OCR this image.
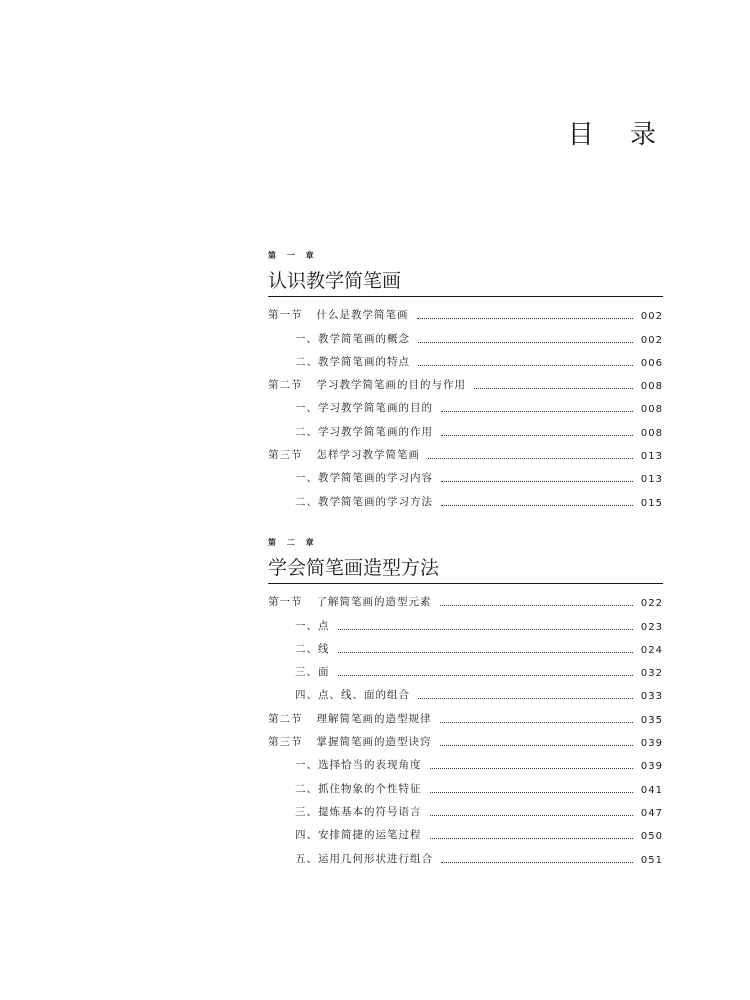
目 录
第 一 章
认识教学简笔画
第一节 什么是教学简笔画	002
一、教学简笔画的概念	002
二、教学简笔画的特点	006
第二节 学习教学简笔画的目的与作用	008
一、学习教学简笔画的目的	008
二、学习教学简笔画的作用	008
第三节 怎样学习教学简笔画	013
一、教学简笔画的学习内容	013
二、教学简笔画的学习方法	015
第 二 章
学会简笔画造型方法
第一节 了解简笔画的造型元素	022
一、点	023
二、线	024
三、面	032
四、点、线、面的组合	033
第二节 理解简笔画的造型规律	035
第三节 掌握简笔画的造型诀窍	039
一、选择恰当的表现角度	039
二、抓住物象的个性特征	041
三、提炼基本的符号语言	047
四、安排简捷的运笔过程	050
五、运用几何形状进行组合	051
